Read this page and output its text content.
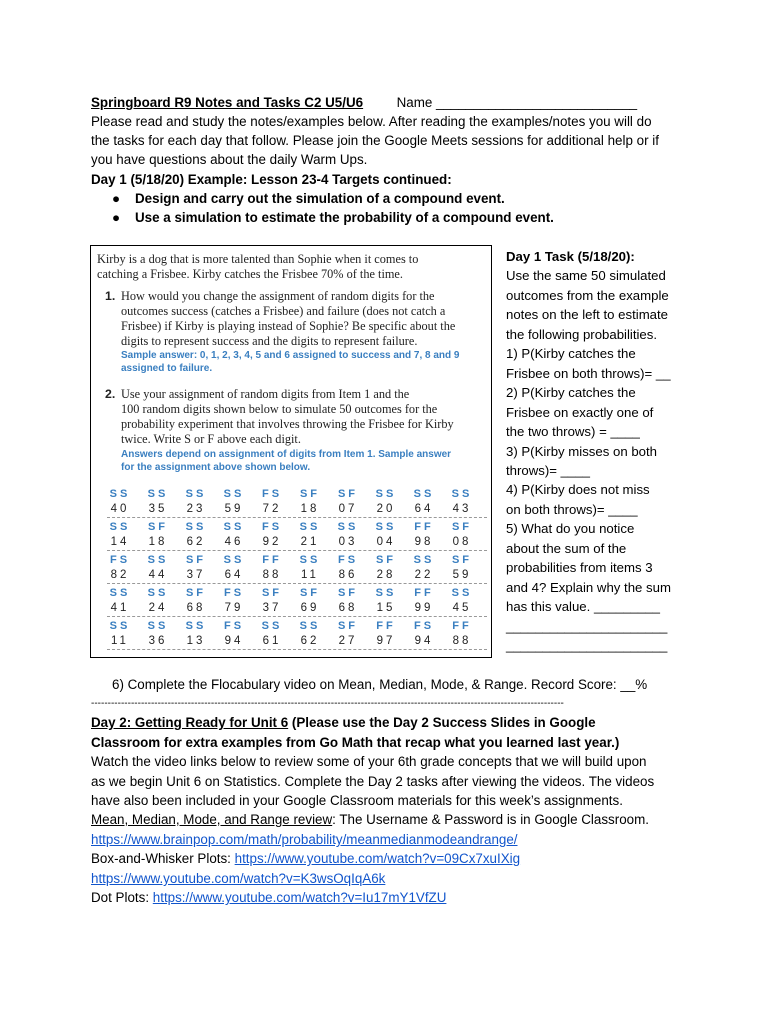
Springboard R9 Notes and Tasks C2 U5/U6 Name ___________________________
Please read and study the notes/examples below. After reading the examples/notes you will do
the tasks for each day that follow. Please join the Google Meets sessions for additional help or if
you have questions about the daily Warm Ups.
Day 1 (5/18/20) Example: Lesson 23-4 Targets continued:
● Design and carry out the simulation of a compound event.
● Use a simulation to estimate the probability of a compound event.
Kirby is a dog that is more talented than Sophie when it comes to
catching a Frisbee. Kirby catches the Frisbee 70% of the time.
1. How would you change the assignment of random digits for the
outcomes success (catches a Frisbee) and failure (does not catch a
Frisbee) if Kirby is playing instead of Sophie? Be specific about the
digits to represent success and the digits to represent failure.
Sample answer: 0, 1, 2, 3, 4, 5 and 6 assigned to success and 7, 8 and 9
assigned to failure.
2. Use your assignment of random digits from Item 1 and the
100 random digits shown below to simulate 50 outcomes for the
probability experiment that involves throwing the Frisbee for Kirby
twice. Write S or F above each digit.
Answers depend on assignment of digits from Item 1. Sample answer
for the assignment above shown below.
SS SS SS SS FS SF SF SS SS SS
40	35	23	59	72	18	07	20	64	43
SS SF SS SS FS SS SS SS FF SF
14	18	62	46	92	21	03	04	98	08
FS SS SF SS FF SS FS SF SS SF
82	44	37	64	88	11	86	28	22	59
SS SS SF FS SF SF SF SS FF SS
41	24	68	79	37	69	68	15	99	45
SS SS SS FS SS SS SF FF FS FF
11	36	13	94	61	62	27	97	94	88
Day 1 Task (5/18/20):
Use the same 50 simulated
outcomes from the example
notes on the left to estimate
the following probabilities.
1) P(Kirby catches the
Frisbee on both throws)= __
2) P(Kirby catches the
Frisbee on exactly one of
the two throws) = ____
3) P(Kirby misses on both
throws)= ____
4) P(Kirby does not miss
on both throws)= ____
5) What do you notice
about the sum of the
probabilities from items 3
and 4? Explain why the sum
has this value. _________
______________________
______________________
6) Complete the Flocabulary video on Mean, Median, Mode, & Range. Record Score: __%
----------------------------------------------------------------------------------------------------------------------------------------------
Day 2: Getting Ready for Unit 6 (Please use the Day 2 Success Slides in Google
Classroom for extra examples from Go Math that recap what you learned last year.)
Watch the video links below to review some of your 6th grade concepts that we will build upon
as we begin Unit 6 on Statistics. Complete the Day 2 tasks after viewing the videos. The videos
have also been included in your Google Classroom materials for this week’s assignments.
Mean, Median, Mode, and Range review: The Username & Password is in Google Classroom.
https://www.brainpop.com/math/probability/meanmedianmodeandrange/
Box-and-Whisker Plots: https://www.youtube.com/watch?v=09Cx7xuIXig
https://www.youtube.com/watch?v=K3wsOqIqA6k
Dot Plots: https://www.youtube.com/watch?v=Iu17mY1VfZU
